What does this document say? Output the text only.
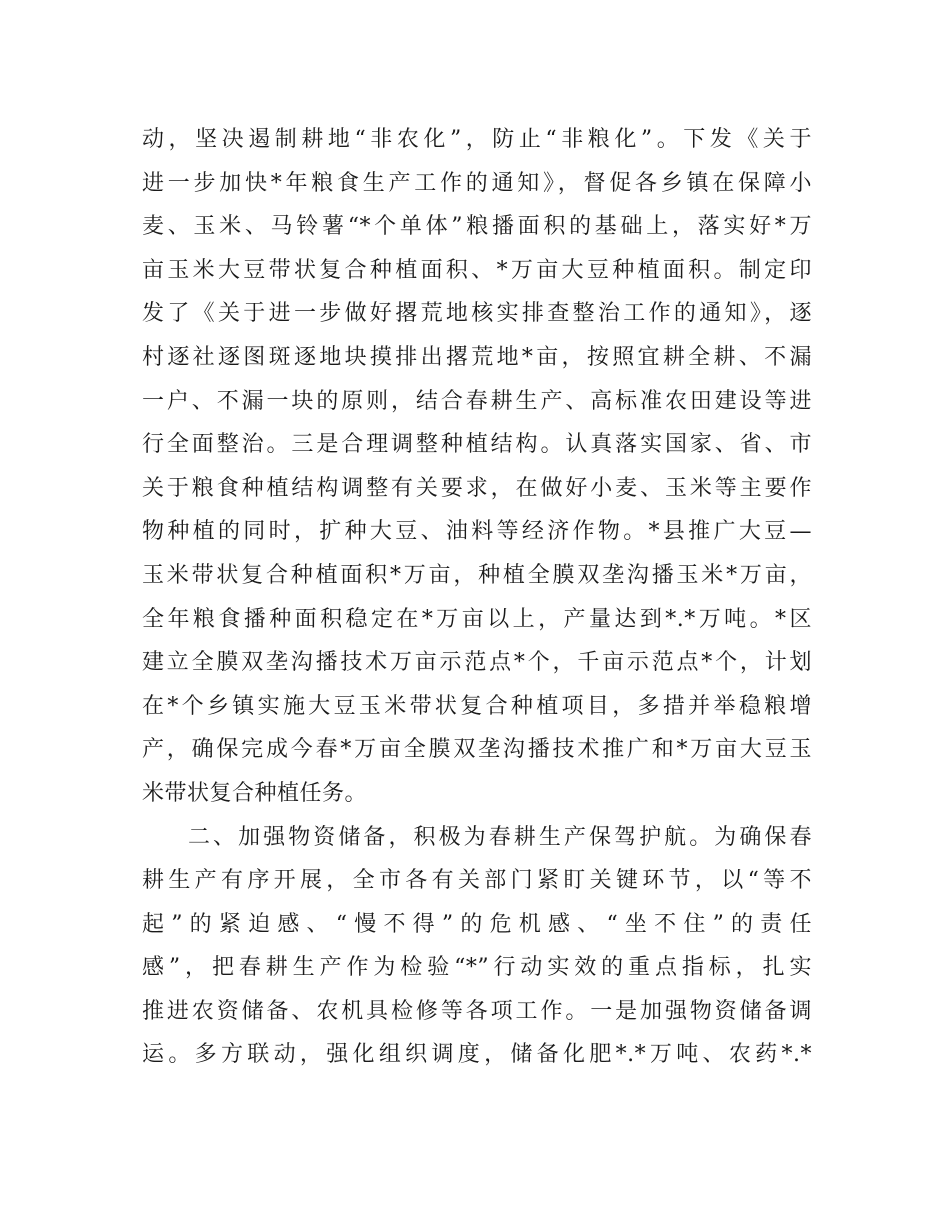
动，坚决遏制耕地“非农化”，防止“非粮化”。下发《关于
进一步加快*年粮食生产工作的通知》，督促各乡镇在保障小
麦、玉米、马铃薯“*个单体”粮播面积的基础上，落实好*万
亩玉米大豆带状复合种植面积、*万亩大豆种植面积。制定印
发了《关于进一步做好撂荒地核实排查整治工作的通知》，逐
村逐社逐图斑逐地块摸排出撂荒地*亩，按照宜耕全耕、不漏
一户、不漏一块的原则，结合春耕生产、高标准农田建设等进
行全面整治。三是合理调整种植结构。认真落实国家、省、市
关于粮食种植结构调整有关要求，在做好小麦、玉米等主要作
物种植的同时，扩种大豆、油料等经济作物。*县推广大豆—
玉米带状复合种植面积*万亩，种植全膜双垄沟播玉米*万亩，
全年粮食播种面积稳定在*万亩以上，产量达到*.*万吨。*区
建立全膜双垄沟播技术万亩示范点*个，千亩示范点*个，计划
在*个乡镇实施大豆玉米带状复合种植项目，多措并举稳粮增
产，确保完成今春*万亩全膜双垄沟播技术推广和*万亩大豆玉
米带状复合种植任务。
二、加强物资储备，积极为春耕生产保驾护航。为确保春
耕生产有序开展，全市各有关部门紧盯关键环节，以“等不
起”的紧迫感、“慢不得”的危机感、“坐不住”的责任
感”，把春耕生产作为检验“*”行动实效的重点指标，扎实
推进农资储备、农机具检修等各项工作。一是加强物资储备调
运。多方联动，强化组织调度，储备化肥*.*万吨、农药*.*
